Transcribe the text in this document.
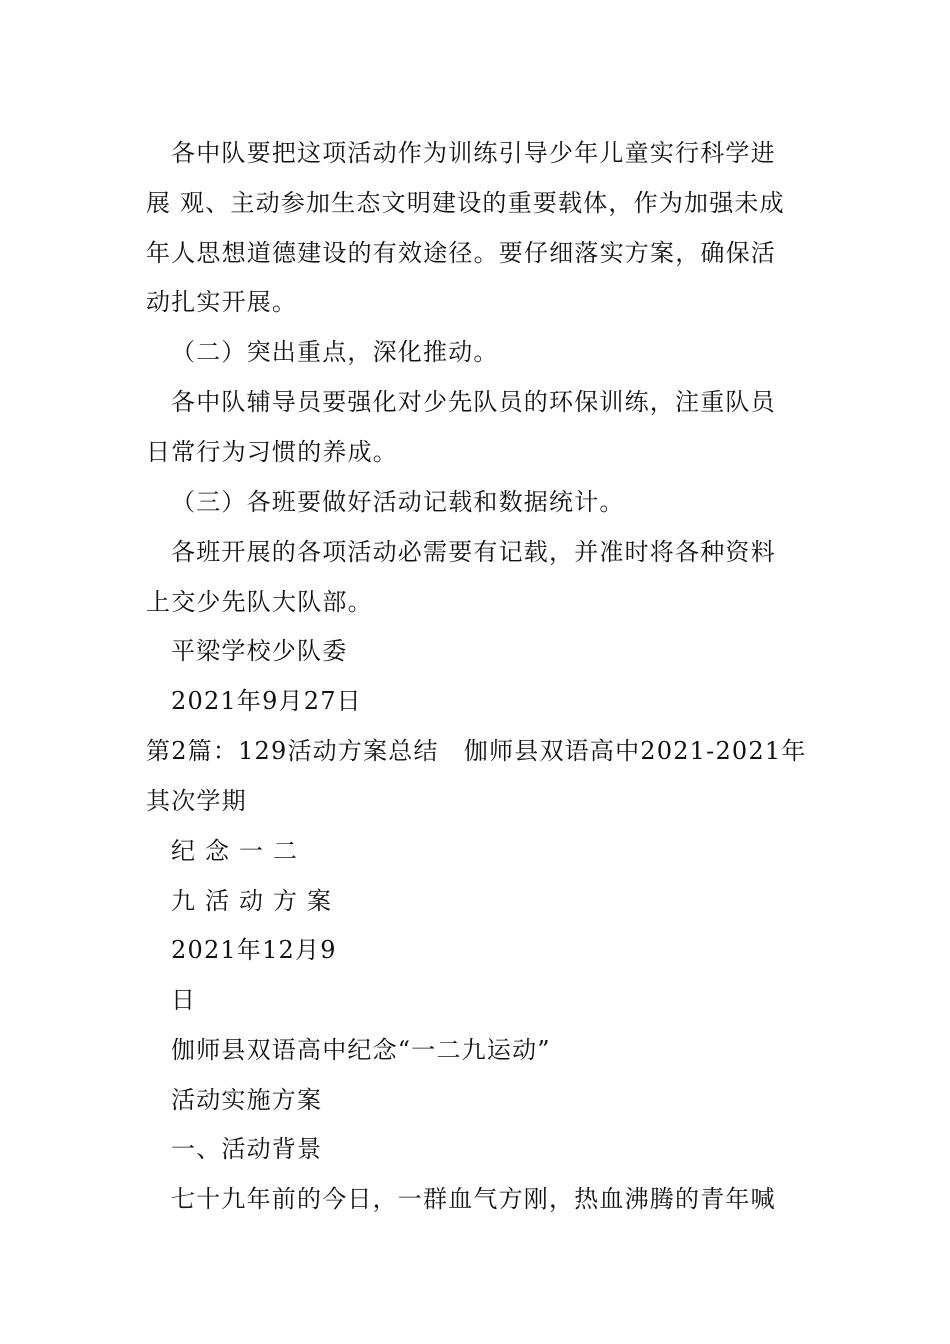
各中队要把这项活动作为训练引导少年儿童实行科学进
展 观、主动参加生态文明建设的重要载体，作为加强未成
年人思想道德建设的有效途径。要仔细落实方案，确保活
动扎实开展。
（二）突出重点，深化推动。
各中队辅导员要强化对少先队员的环保训练，注重队员
日常行为习惯的养成。
（三）各班要做好活动记载和数据统计。
各班开展的各项活动必需要有记载，并准时将各种资料
上交少先队大队部。
平梁学校少队委
2021年9月27日
第2篇：129活动方案总结　伽师县双语高中2021-2021年
其次学期
纪念一二
九活动方案
2021年12月9
日
伽师县双语高中纪念“一二九运动”
活动实施方案
一、活动背景
七十九年前的今日，一群血气方刚，热血沸腾的青年喊
